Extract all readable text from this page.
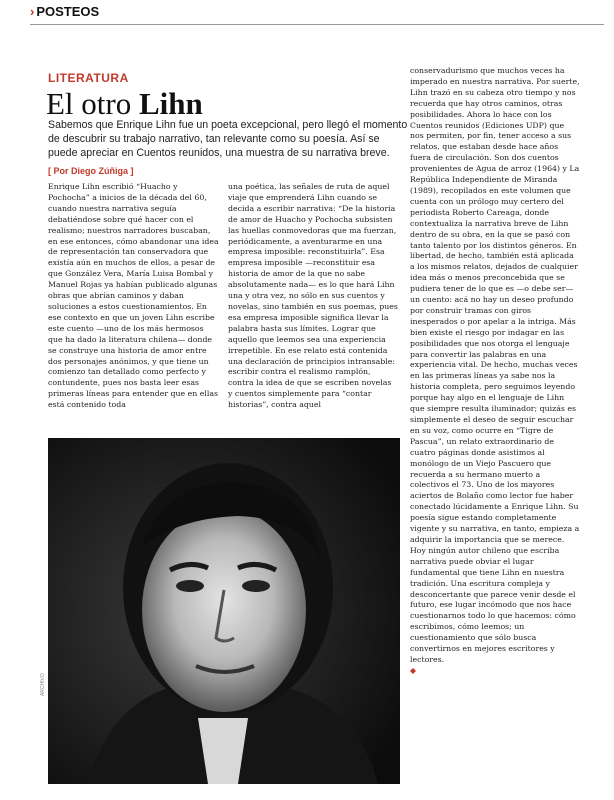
› POSTEOS
LITERATURA
El otro Lihn
Sabemos que Enrique Lihn fue un poeta excepcional, pero llegó el momento de descubrir su trabajo narrativo, tan relevante como su poesía. Así se puede apreciar en Cuentos reunidos, una muestra de su narrativa breve.
[ Por Diego Zúñiga ]

Enrique Lihn escribió “Huacho y Pochocha” a inicios de la década del 60, cuando nuestra narrativa seguía debatiéndose sobre qué hacer con el realismo; nuestros narradores buscaban, en ese entonces, cómo abandonar una idea de representación tan conservadora que existía aún en muchos de ellos, a pesar de que González Vera, María Luisa Bombal y Manuel Rojas ya habían publicado algunas obras que abrían caminos y daban soluciones a estos cuestionamientos. En ese contexto en que un joven Lihn escribe este cuento —uno de los más hermosos que ha dado la literatura chilena— donde se construye una historia de amor entre dos personajes anónimos, y que tiene un comienzo tan detallado como perfecto y contundente, pues nos basta leer esas primeras líneas para entender que en ellas está contenido toda

una poética, las señales de ruta de aquel viaje que emprenderá Lihn cuando se decida a escribir narrativa: “De la historia de amor de Huacho y Pochocha subsisten las huellas conmovedoras que ma fuerzan, periódicamente, a aventurarme en una empresa imposible: reconstituirla”. Esa empresa imposible —reconstituir esa historia de amor de la que no sabe absolutamente nada— es lo que hará Lihn una y otra vez, no sólo en sus cuentos y novelas, sino también en sus poemas, pues esa empresa imposible significa llevar la palabra hasta sus límites. Lograr que aquello que leemos sea una experiencia irrepetible. En ese relato está contenida una declaración de principios intransable: escribir contra el realismo ramplón, contra la idea de que se escriben novelas y cuentos simplemente para “contar historias”, contra aquel

conservadurismo que muchos veces ha imperado en nuestra narrativa. Por suerte, Lihn trazó en su cabeza otro tiempo y nos recuerda que hay otros caminos, otras posibilidades. Ahora lo hace con los Cuentos reunidos (Ediciones UDP) que nos permiten, por fin, tener acceso a sus relatos, que estaban desde hace años fuera de circulación. Son dos cuentos provenientes de Agua de arroz (1964) y La República Independiente de Miranda (1989), recopilados en este volumen que cuenta con un prólogo muy certero del periodista Roberto Careaga, donde contextualiza la narrativa breve de Lihn dentro de su obra, en la que se pasó con tanto talento por los distintos géneros. En libertad, de hecho, también está aplicada a los mismos relatos, dejados de cualquier idea más o menos preconcebida que se pudiera tener de lo que es —o debe ser— un cuento: acá no hay un deseo profundo por construir tramas con giros inesperados o por apelar a la intriga. Más bien existe el riesgo por indagar en las posibilidades que nos otorga el lenguaje para convertir las palabras en una experiencia vital. De hecho, muchas veces en las primeras líneas ya sabe nos la historia completa, pero seguimos leyendo porque hay algo en el lenguaje de Lihn que siempre resulta iluminador; quizás es simplemente el deseo de seguir escuchar en su voz, como ocurre en “Tigre de Pascua”, un relato extraordinario de cuatro páginas donde asistimos al monólogo de un Viejo Pascuero que recuerda a su hermano muerto a colectivos el 73. Uno de los mayores aciertos de Bolaño como lector fue haber conectado lúcidamente a Enrique Lihn. Su poesía sigue estando completamente vigente y su narrativa, en tanto, empieza a adquirir la importancia que se merece. Hoy ningún autor chileno que escriba narrativa puede obviar el lugar fundamental que tiene Lihn en nuestra tradición. Una escritura compleja y desconcertante que parece venir desde el futuro, ese lugar incómodo que nos hace cuestionarnos todo lo que hacemos: cómo escribimos, cómo leemos; un cuestionamiento que sólo busca convertirnos en mejores escritores y lectores.

◆
ARCHIVO
